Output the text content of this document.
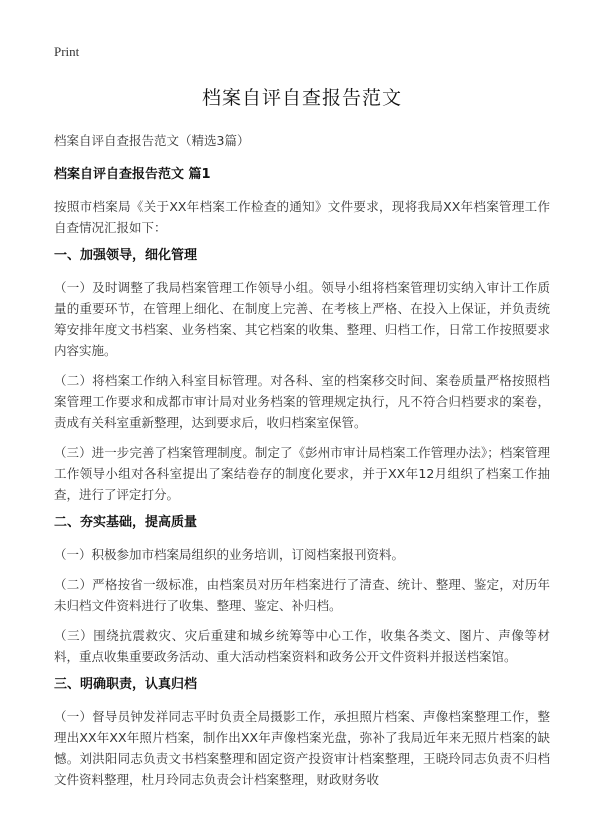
Print
档案自评自查报告范文
档案自评自查报告范文（精选3篇）
档案自评自查报告范文 篇1

按照市档案局《关于XX年档案工作检查的通知》文件要求，现将我局XX年档案管理工作自查情况汇报如下：

一、加强领导，细化管理

（一）及时调整了我局档案管理工作领导小组。领导小组将档案管理切实纳入审计工作质量的重要环节，在管理上细化、在制度上完善、在考核上严格、在投入上保证，并负责统筹安排年度文书档案、业务档案、其它档案的收集、整理、归档工作，日常工作按照要求内容实施。

（二）将档案工作纳入科室目标管理。对各科、室的档案移交时间、案卷质量严格按照档案管理工作要求和成都市审计局对业务档案的管理规定执行，凡不符合归档要求的案卷，责成有关科室重新整理，达到要求后，收归档案室保管。

（三）进一步完善了档案管理制度。制定了《彭州市审计局档案工作管理办法》；档案管理工作领导小组对各科室提出了案结卷存的制度化要求，并于XX年12月组织了档案工作抽查，进行了评定打分。

二、夯实基础，提高质量

（一）积极参加市档案局组织的业务培训，订阅档案报刊资料。

（二）严格按省一级标准，由档案员对历年档案进行了清查、统计、整理、鉴定，对历年未归档文件资料进行了收集、整理、鉴定、补归档。

（三）围绕抗震救灾、灾后重建和城乡统筹等中心工作，收集各类文、图片、声像等材料，重点收集重要政务活动、重大活动档案资料和政务公开文件资料并报送档案馆。

三、明确职责，认真归档

（一）督导员钟发祥同志平时负责全局摄影工作，承担照片档案、声像档案整理工作，整理出XX年XX年照片档案，制作出XX年声像档案光盘，弥补了我局近年来无照片档案的缺憾。刘洪阳同志负责文书档案整理和固定资产投资审计档案整理，王晓玲同志负责不归档文件资料整理，杜月玲同志负责会计档案整理，财政财务收
